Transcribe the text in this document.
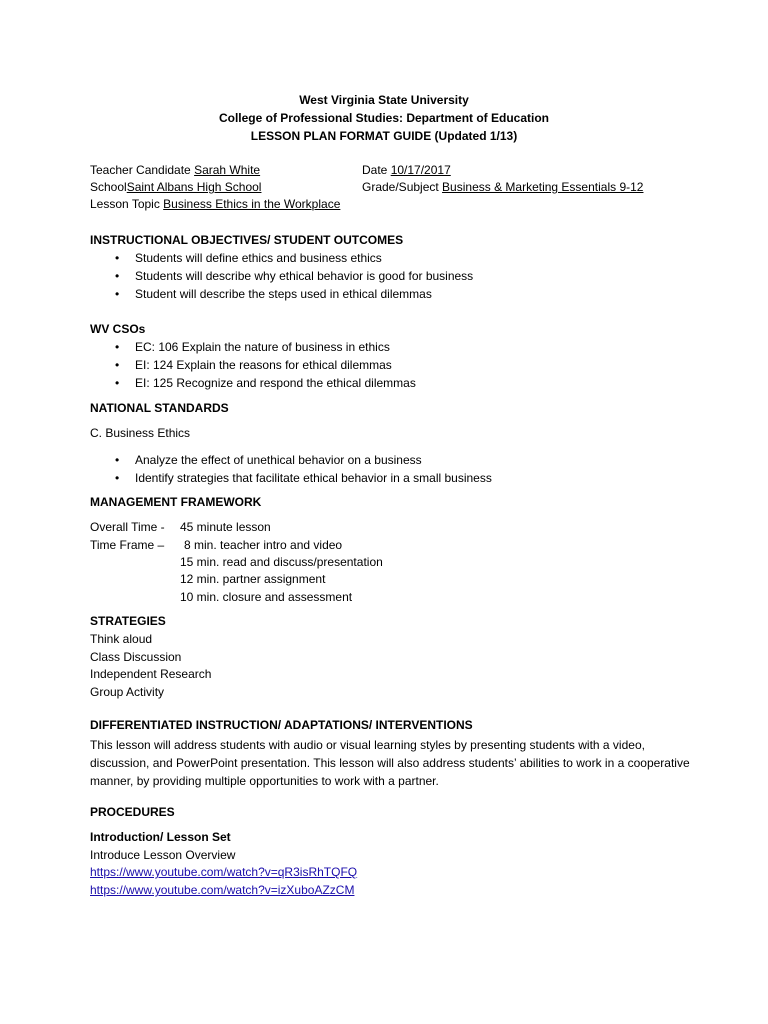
West Virginia State University
College of Professional Studies: Department of Education
LESSON PLAN FORMAT GUIDE (Updated 1/13)
Teacher Candidate Sarah White	Date 10/17/2017
SchoolSaint Albans High School	Grade/Subject Business & Marketing Essentials 9-12
Lesson Topic Business Ethics in the Workplace
INSTRUCTIONAL OBJECTIVES/ STUDENT OUTCOMES
• Students will define ethics and business ethics
• Students will describe why ethical behavior is good for business
• Student will describe the steps used in ethical dilemmas
WV CSOs
• EC: 106 Explain the nature of business in ethics
• EI: 124 Explain the reasons for ethical dilemmas
• EI: 125 Recognize and respond the ethical dilemmas
NATIONAL STANDARDS
C. Business Ethics
• Analyze the effect of unethical behavior on a business
• Identify strategies that facilitate ethical behavior in a small business
MANAGEMENT FRAMEWORK
Overall Time - 45 minute lesson
Time Frame – 8 min. teacher intro and video
15 min. read and discuss/presentation
12 min. partner assignment
10 min. closure and assessment
STRATEGIES
Think aloud
Class Discussion
Independent Research
Group Activity
DIFFERENTIATED INSTRUCTION/ ADAPTATIONS/ INTERVENTIONS
This lesson will address students with audio or visual learning styles by presenting students with a video, discussion, and PowerPoint presentation. This lesson will also address students’ abilities to work in a cooperative manner, by providing multiple opportunities to work with a partner.
PROCEDURES
Introduction/ Lesson Set
Introduce Lesson Overview
https://www.youtube.com/watch?v=qR3isRhTQFQ
https://www.youtube.com/watch?v=izXuboAZzCM
